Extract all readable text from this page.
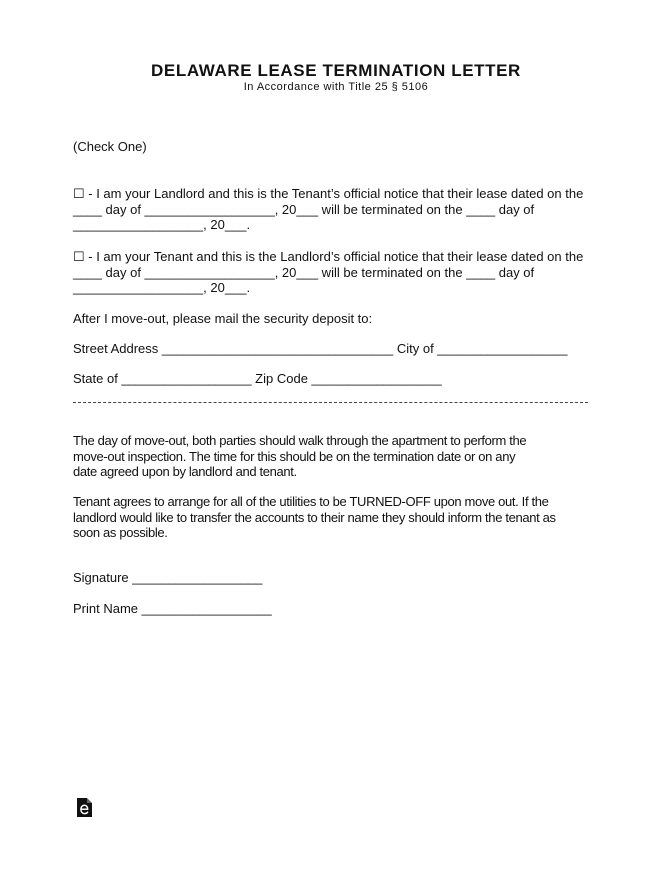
DELAWARE LEASE TERMINATION LETTER
In Accordance with Title 25 § 5106
(Check One)
☐ - I am your Landlord and this is the Tenant’s official notice that their lease dated on the
____ day of __________________, 20___ will be terminated on the ____ day of
__________________, 20___.
☐ - I am your Tenant and this is the Landlord’s official notice that their lease dated on the
____ day of __________________, 20___ will be terminated on the ____ day of
__________________, 20___.
After I move-out, please mail the security deposit to:
Street Address ________________________________ City of __________________
State of __________________ Zip Code __________________
The day of move-out, both parties should walk through the apartment to perform the
move-out inspection. The time for this should be on the termination date or on any
date agreed upon by landlord and tenant.
Tenant agrees to arrange for all of the utilities to be TURNED-OFF upon move out. If the
landlord would like to transfer the accounts to their name they should inform the tenant as
soon as possible.
Signature __________________
Print Name __________________
